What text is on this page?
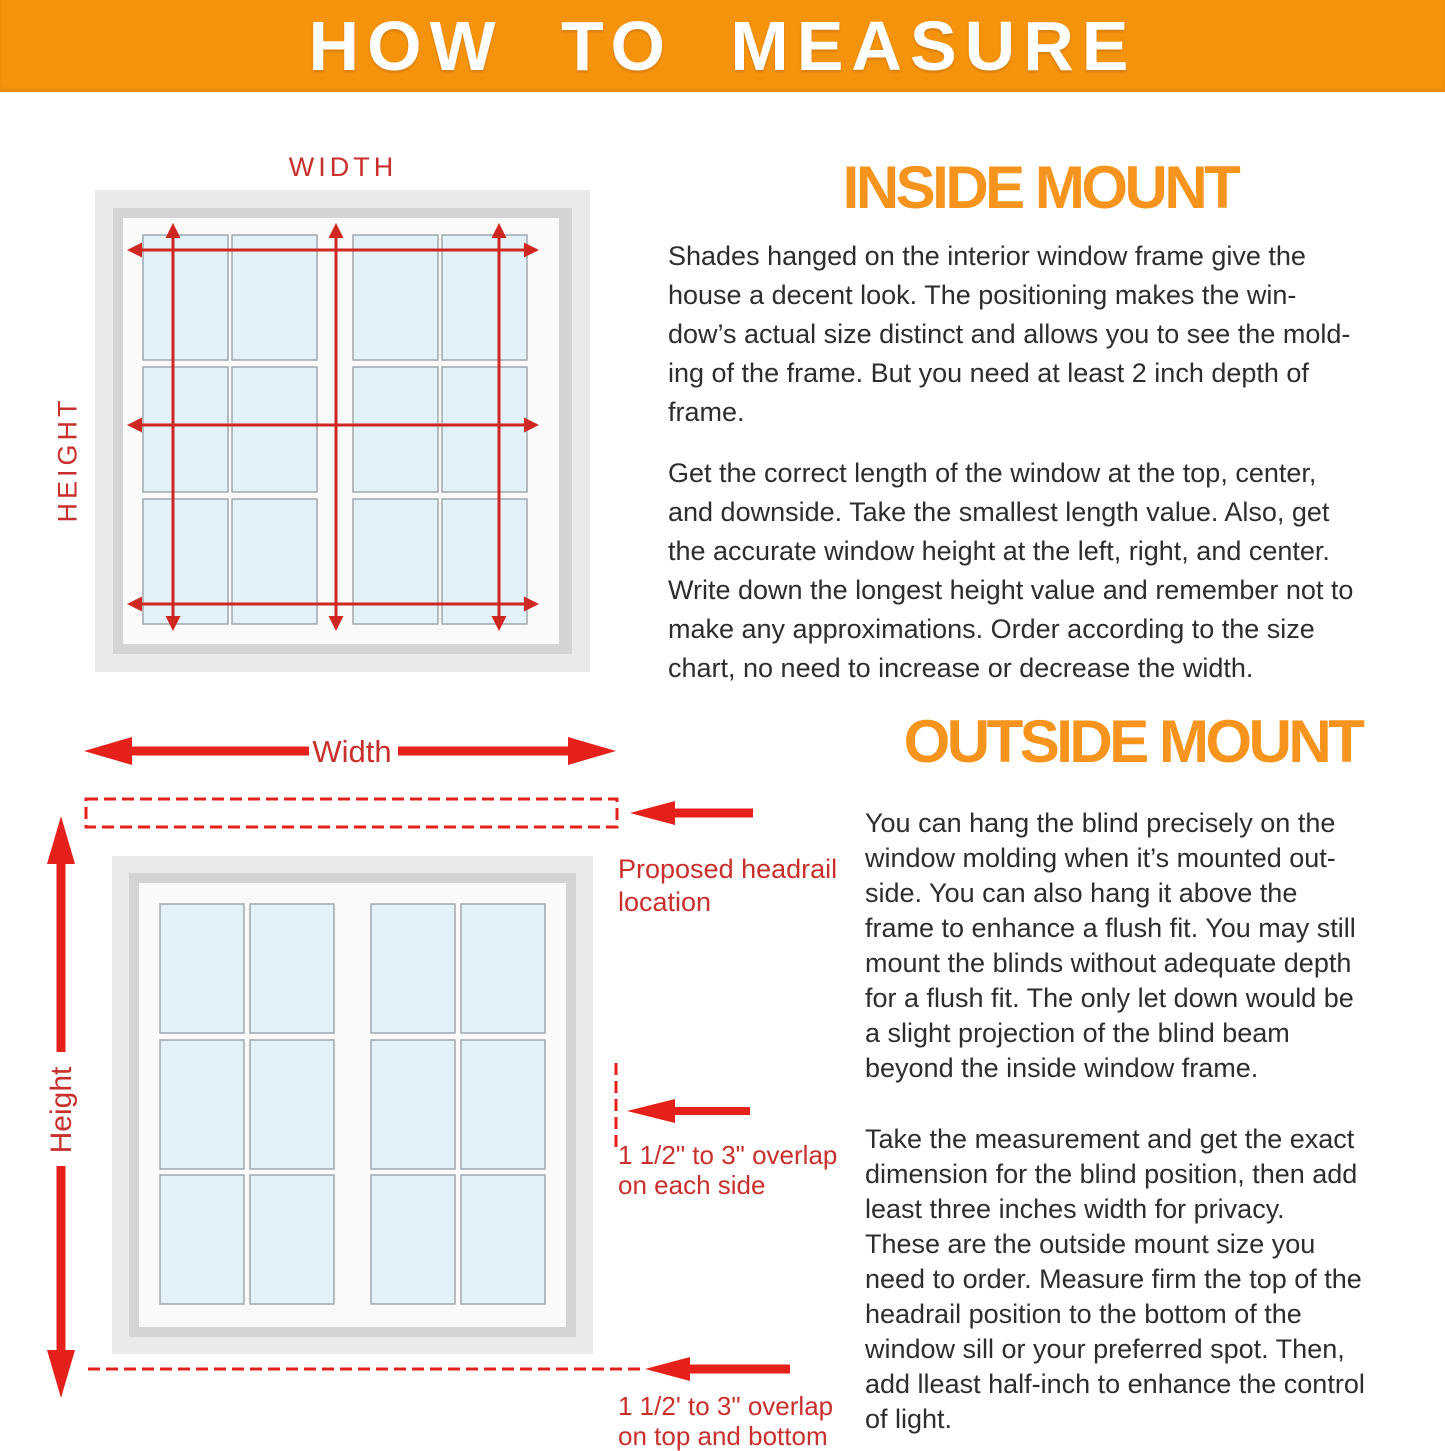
HOW TO MEASURE
WIDTH
HEIGHT
INSIDE MOUNT
Shades hanged on the interior window frame give the
house a decent look. The positioning makes the win-
dow’s actual size distinct and allows you to see the mold-
ing of the frame. But you need at least 2 inch depth of
frame.
Get the correct length of the window at the top, center,
and downside. Take the smallest length value. Also, get
the accurate window height at the left, right, and center.
Write down the longest height value and remember not to
make any approximations. Order according to the size
chart, no need to increase or decrease the width.
OUTSIDE MOUNT
You can hang the blind precisely on the
window molding when it’s mounted out-
side. You can also hang it above the
frame to enhance a flush fit. You may still
mount the blinds without adequate depth
for a flush fit. The only let down would be
a slight projection of the blind beam
beyond the inside window frame.
Take the measurement and get the exact
dimension for the blind position, then add
least three inches width for privacy.
These are the outside mount size you
need to order. Measure firm the top of the
headrail position to the bottom of the
window sill or your preferred spot. Then,
add lleast half-inch to enhance the control
of light.
Width
Height
Proposed headrail
location
1 1/2" to 3" overlap
on each side
1 1/2' to 3" overlap
on top and bottom
